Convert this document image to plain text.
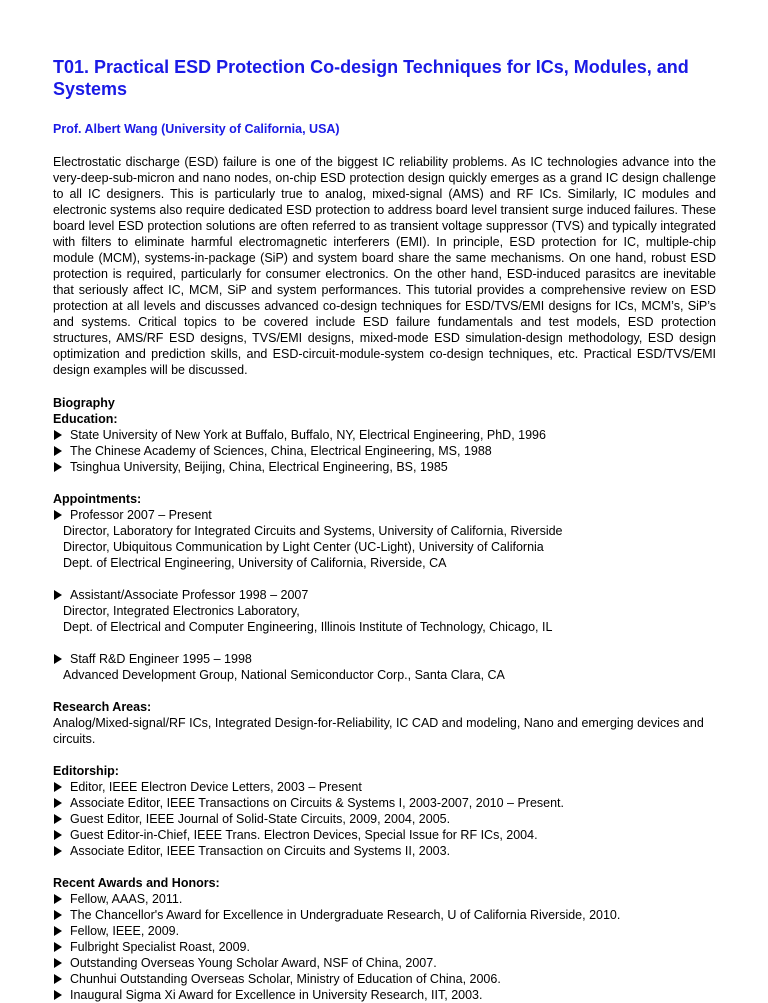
T01. Practical ESD Protection Co-design Techniques for ICs, Modules, and Systems

Prof. Albert Wang (University of California, USA)

Electrostatic discharge (ESD) failure is one of the biggest IC reliability problems. As IC technologies advance into the very-deep-sub-micron and nano nodes, on-chip ESD protection design quickly emerges as a grand IC design challenge to all IC designers. This is particularly true to analog, mixed-signal (AMS) and RF ICs. Similarly, IC modules and electronic systems also require dedicated ESD protection to address board level transient surge induced failures. These board level ESD protection solutions are often referred to as transient voltage suppressor (TVS) and typically integrated with filters to eliminate harmful electromagnetic interferers (EMI). In principle, ESD protection for IC, multiple-chip module (MCM), systems-in-package (SiP) and system board share the same mechanisms. On one hand, robust ESD protection is required, particularly for consumer electronics. On the other hand, ESD-induced parasitcs are inevitable that seriously affect IC, MCM, SiP and system performances. This tutorial provides a comprehensive review on ESD protection at all levels and discusses advanced co-design techniques for ESD/TVS/EMI designs for ICs, MCM’s, SiP’s and systems. Critical topics to be covered include ESD failure fundamentals and test models, ESD protection structures, AMS/RF ESD designs, TVS/EMI designs, mixed-mode ESD simulation-design methodology, ESD design optimization and prediction skills, and ESD-circuit-module-system co-design techniques, etc. Practical ESD/TVS/EMI design examples will be discussed.

Biography
Education:
State University of New York at Buffalo, Buffalo, NY, Electrical Engineering, PhD, 1996
The Chinese Academy of Sciences, China, Electrical Engineering, MS, 1988
Tsinghua University, Beijing, China, Electrical Engineering, BS, 1985
Appointments:
Professor 2007 – Present
Director, Laboratory for Integrated Circuits and Systems, University of California, Riverside
Director, Ubiquitous Communication by Light Center (UC-Light), University of California
Dept. of Electrical Engineering, University of California, Riverside, CA
Assistant/Associate Professor 1998 – 2007
Director, Integrated Electronics Laboratory,
Dept. of Electrical and Computer Engineering, Illinois Institute of Technology, Chicago, IL
Staff R&D Engineer 1995 – 1998
Advanced Development Group, National Semiconductor Corp., Santa Clara, CA
Research Areas:

Analog/Mixed-signal/RF ICs, Integrated Design-for-Reliability, IC CAD and modeling, Nano and emerging devices and circuits.

Editorship:
Editor, IEEE Electron Device Letters, 2003 – Present
Associate Editor, IEEE Transactions on Circuits & Systems I, 2003-2007, 2010 – Present.
Guest Editor, IEEE Journal of Solid-State Circuits, 2009, 2004, 2005.
Guest Editor-in-Chief, IEEE Trans. Electron Devices, Special Issue for RF ICs, 2004.
Associate Editor, IEEE Transaction on Circuits and Systems II, 2003.
Recent Awards and Honors:
Fellow, AAAS, 2011.
The Chancellor's Award for Excellence in Undergraduate Research, U of California Riverside, 2010.
Fellow, IEEE, 2009.
Fulbright Specialist Roast, 2009.
Outstanding Overseas Young Scholar Award, NSF of China, 2007.
Chunhui Outstanding Overseas Scholar, Ministry of Education of China, 2006.
Inaugural Sigma Xi Award for Excellence in University Research, IIT, 2003.
